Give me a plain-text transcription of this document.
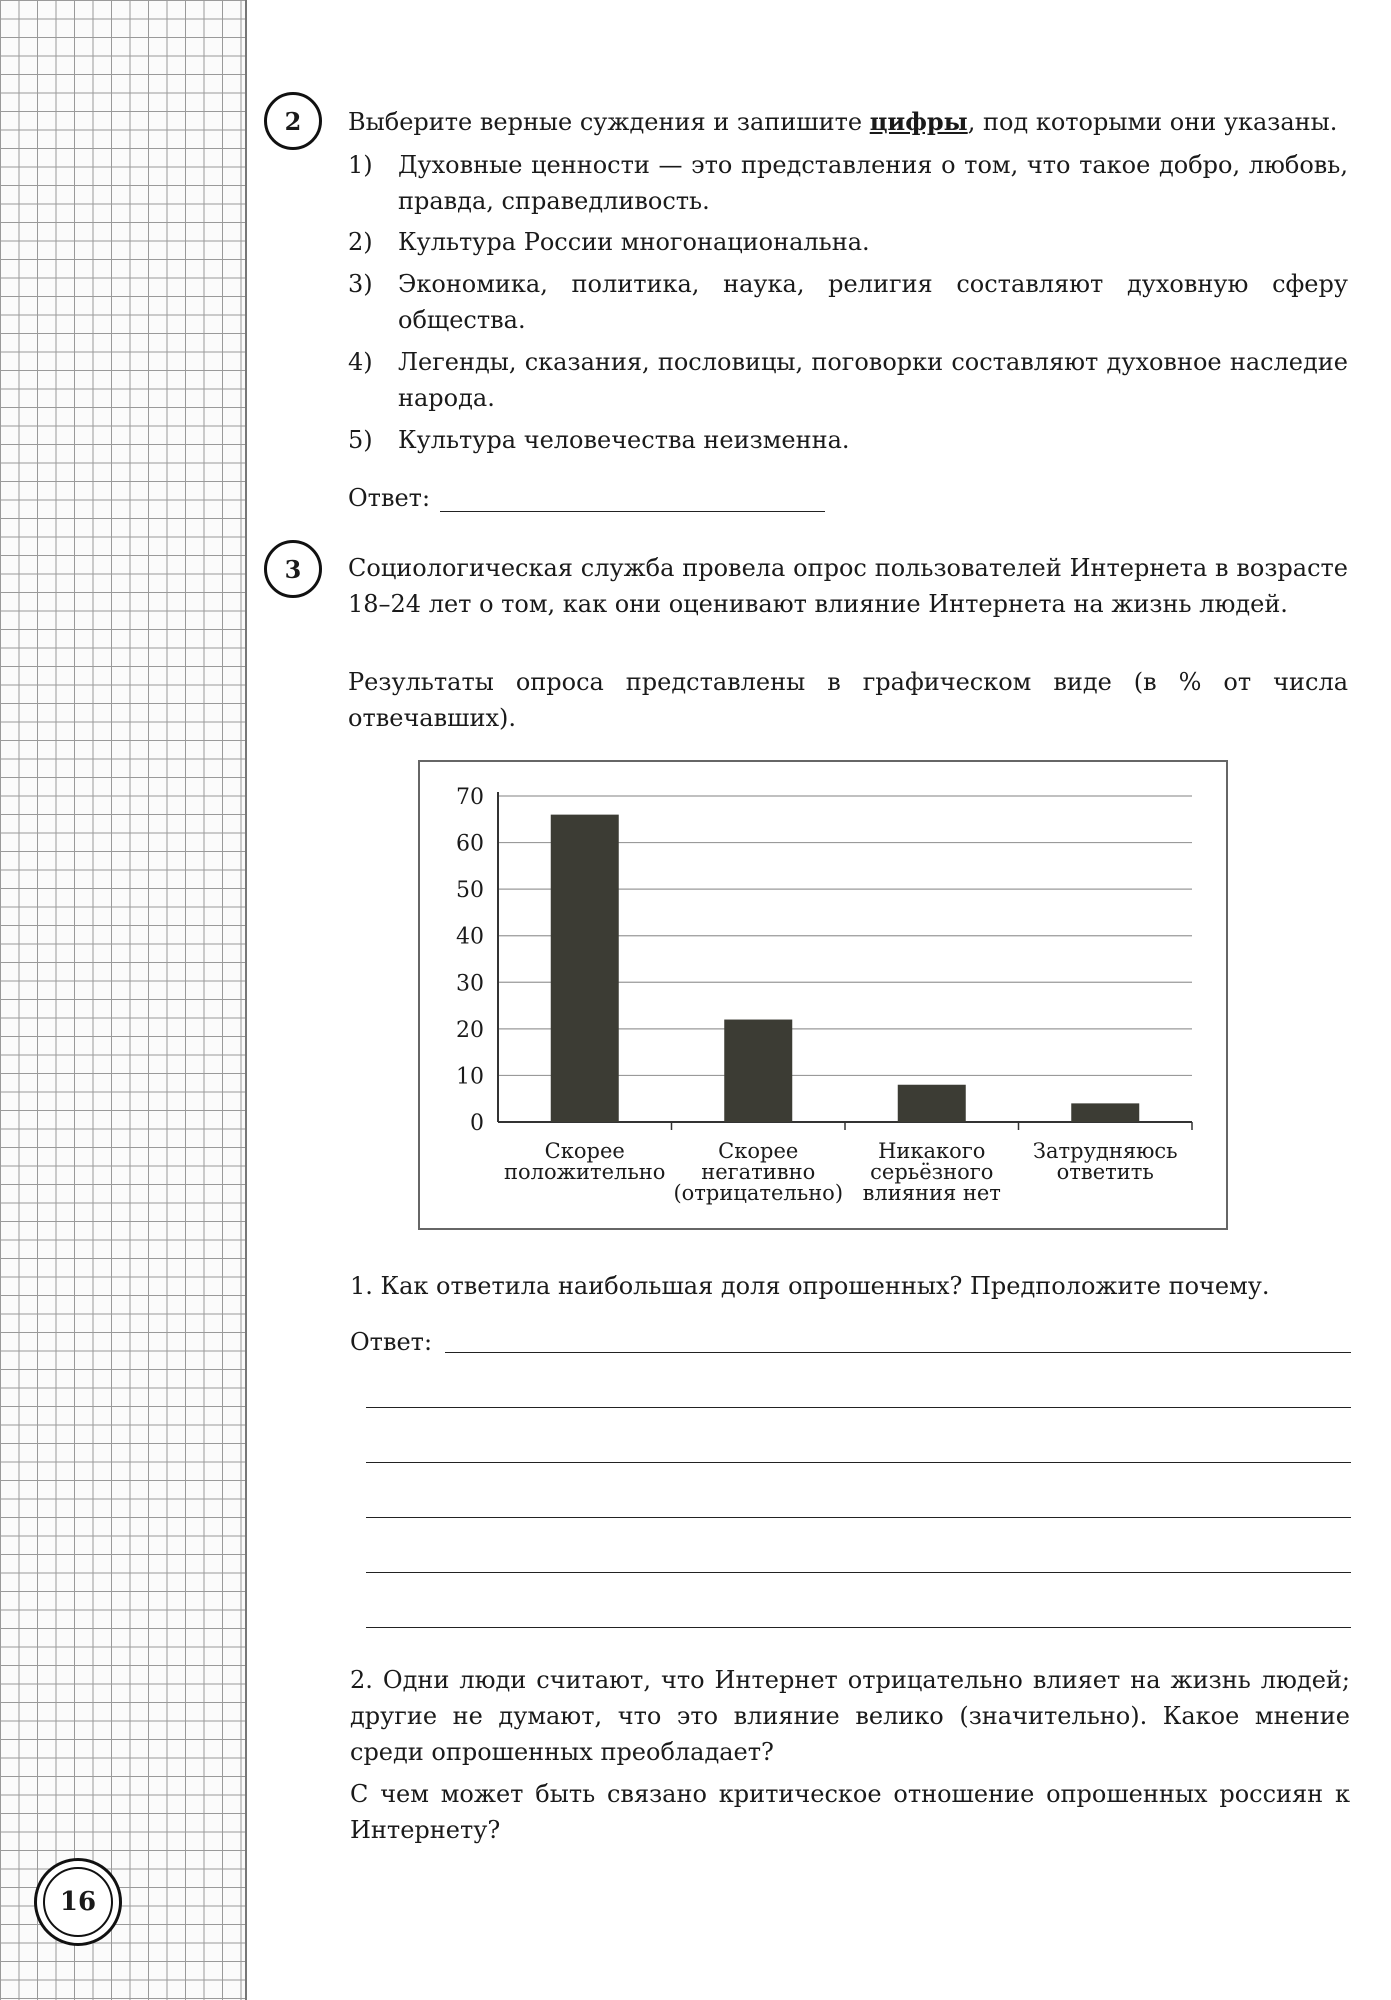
16
2	Выберите верные суждения и запишите цифры, под которыми они указаны.
1) Духовные ценности — это представления о том, что такое добро, любовь, правда, справедливость.
2) Культура России многонациональна.
3) Экономика, политика, наука, религия составляют духовную сферу общества.
4) Легенды, сказания, пословицы, поговорки составляют духовное наследие народа.
5) Культура человечества неизменна.
Ответ:
3	Социологическая служба провела опрос пользователей Интернета в возрасте 18–24 лет о том, как они оценивают влияние Интернета на жизнь людей.
Результаты опроса представлены в графическом виде (в % от числа отвечавших).
0
10
20
30
40
50
60
70
Скорее
положительно
Скорее
негативно
(отрицательно)
Никакого
серьёзного
влияния нет
Затрудняюсь
ответить
1. Как ответила наибольшая доля опрошенных? Предположите почему.
Ответ:
2. Одни люди считают, что Интернет отрицательно влияет на жизнь людей; другие не думают, что это влияние велико (значительно). Какое мнение среди опрошенных преобладает?
С чем может быть связано критическое отношение опрошенных россиян к Интернету?
